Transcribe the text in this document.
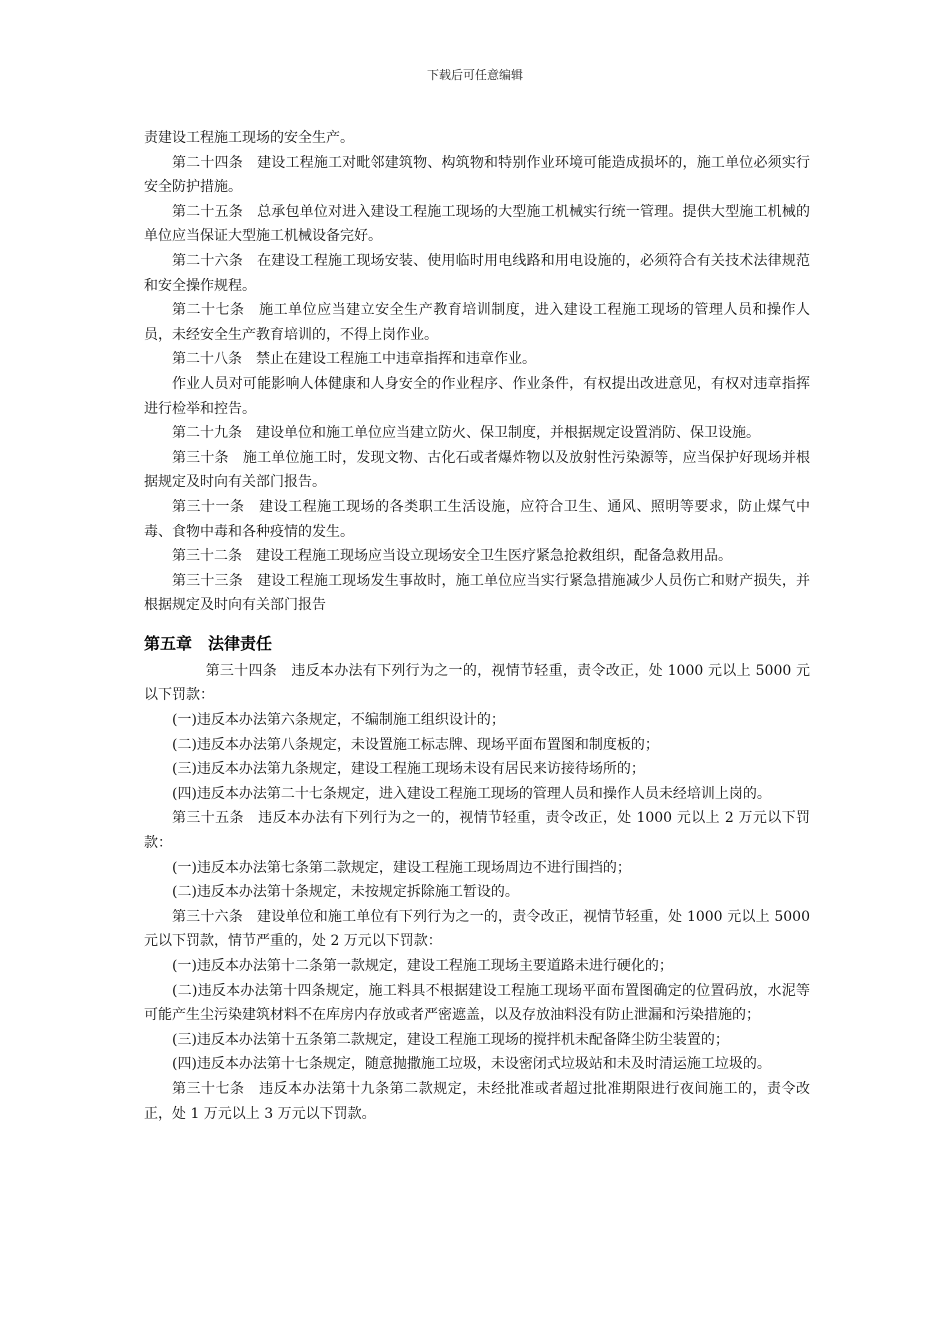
下载后可任意编辑

责建设工程施工现场的安全生产。

第二十四条　建设工程施工对毗邻建筑物、构筑物和特别作业环境可能造成损坏的，施工单位必须实行安全防护措施。

第二十五条　总承包单位对进入建设工程施工现场的大型施工机械实行统一管理。提供大型施工机械的单位应当保证大型施工机械设备完好。

第二十六条　在建设工程施工现场安装、使用临时用电线路和用电设施的，必须符合有关技术法律规范和安全操作规程。

第二十七条　施工单位应当建立安全生产教育培训制度，进入建设工程施工现场的管理人员和操作人员，未经安全生产教育培训的，不得上岗作业。

第二十八条　禁止在建设工程施工中违章指挥和违章作业。

作业人员对可能影响人体健康和人身安全的作业程序、作业条件，有权提出改进意见，有权对违章指挥进行检举和控告。

第二十九条　建设单位和施工单位应当建立防火、保卫制度，并根据规定设置消防、保卫设施。

第三十条　施工单位施工时，发现文物、古化石或者爆炸物以及放射性污染源等，应当保护好现场并根据规定及时向有关部门报告。

第三十一条　建设工程施工现场的各类职工生活设施，应符合卫生、通风、照明等要求，防止煤气中毒、食物中毒和各种疫情的发生。

第三十二条　建设工程施工现场应当设立现场安全卫生医疗紧急抢救组织，配备急救用品。

第三十三条　建设工程施工现场发生事故时，施工单位应当实行紧急措施减少人员伤亡和财产损失，并根据规定及时向有关部门报告

第五章　法律责任

第三十四条　违反本办法有下列行为之一的，视情节轻重，责令改正，处 1000 元以上 5000 元以下罚款：

(一)违反本办法第六条规定，不编制施工组织设计的；

(二)违反本办法第八条规定，未设置施工标志牌、现场平面布置图和制度板的；

(三)违反本办法第九条规定，建设工程施工现场未设有居民来访接待场所的；

(四)违反本办法第二十七条规定，进入建设工程施工现场的管理人员和操作人员未经培训上岗的。

第三十五条　违反本办法有下列行为之一的，视情节轻重，责令改正，处 1000 元以上 2 万元以下罚款：

(一)违反本办法第七条第二款规定，建设工程施工现场周边不进行围挡的；

(二)违反本办法第十条规定，未按规定拆除施工暂设的。

第三十六条　建设单位和施工单位有下列行为之一的，责令改正，视情节轻重，处 1000 元以上 5000 元以下罚款，情节严重的，处 2 万元以下罚款：

(一)违反本办法第十二条第一款规定，建设工程施工现场主要道路未进行硬化的；

(二)违反本办法第十四条规定，施工料具不根据建设工程施工现场平面布置图确定的位置码放，水泥等可能产生尘污染建筑材料不在库房内存放或者严密遮盖，以及存放油料没有防止泄漏和污染措施的；

(三)违反本办法第十五条第二款规定，建设工程施工现场的搅拌机未配备降尘防尘装置的；

(四)违反本办法第十七条规定，随意抛撒施工垃圾，未设密闭式垃圾站和未及时清运施工垃圾的。

第三十七条　违反本办法第十九条第二款规定，未经批准或者超过批准期限进行夜间施工的，责令改正，处 1 万元以上 3 万元以下罚款。
